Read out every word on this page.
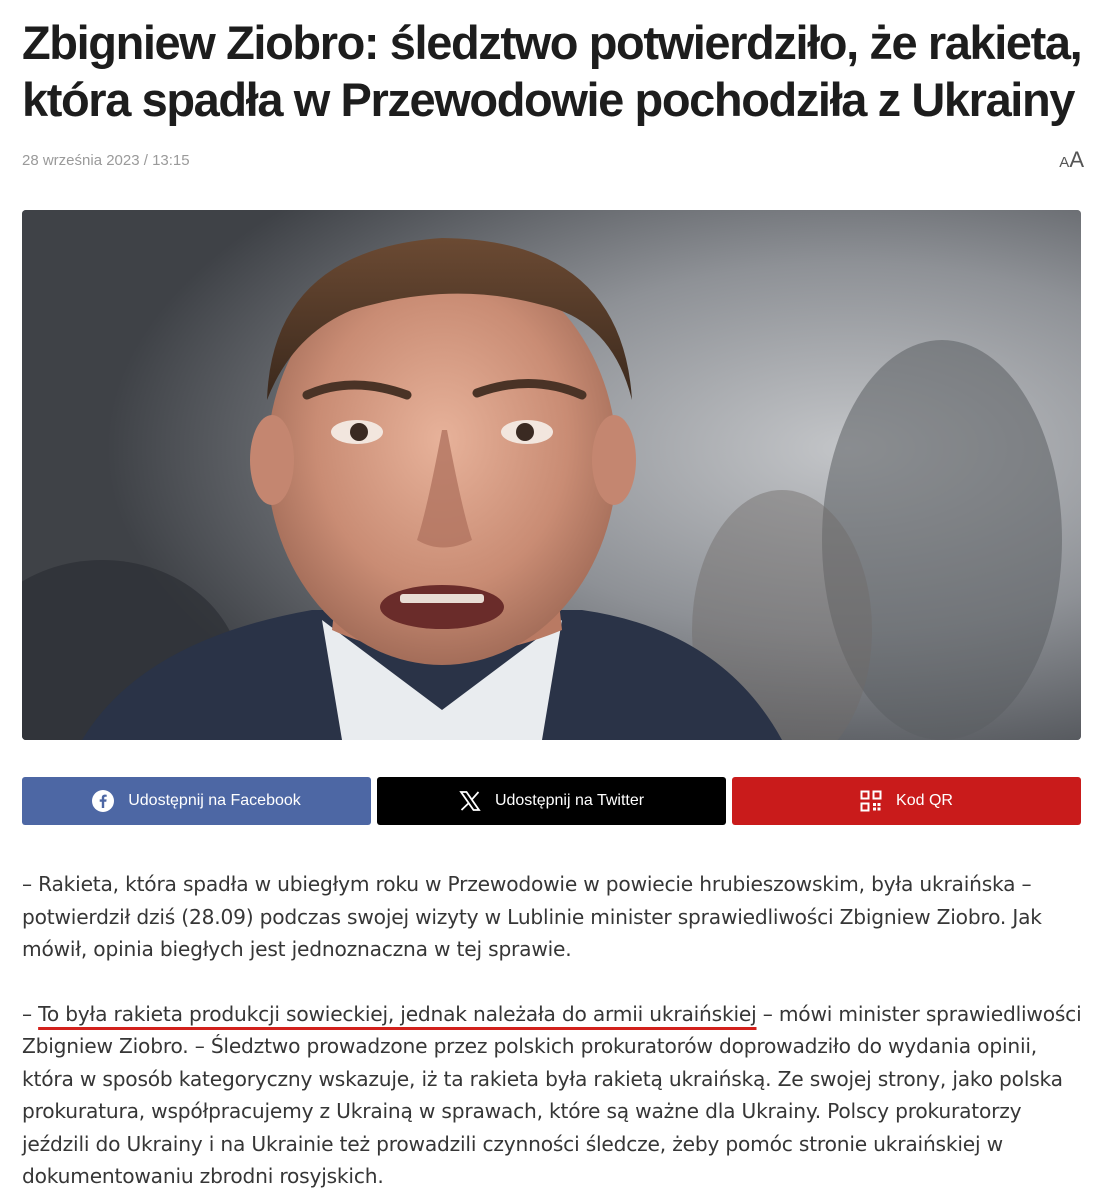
Zbigniew Ziobro: śledztwo potwierdziło, że rakieta, która spadła w Przewodowie pochodziła z Ukrainy
28 września 2023 / 13:15	A A
Udostępnij na Facebook	Udostępnij na Twitter	Kod QR

– Rakieta, która spadła w ubiegłym roku w Przewodowie w powiecie hrubieszowskim, była ukraińska – potwierdził dziś (28.09) podczas swojej wizyty w Lublinie minister sprawiedliwości Zbigniew Ziobro. Jak mówił, opinia biegłych jest jednoznaczna w tej sprawie.

– To była rakieta produkcji sowieckiej, jednak należała do armii ukraińskiej – mówi minister sprawiedliwości Zbigniew Ziobro. – Śledztwo prowadzone przez polskich prokuratorów doprowadziło do wydania opinii, która w sposób kategoryczny wskazuje, iż ta rakieta była rakietą ukraińską. Ze swojej strony, jako polska prokuratura, współpracujemy z Ukrainą w sprawach, które są ważne dla Ukrainy. Polscy prokuratorzy jeździli do Ukrainy i na Ukrainie też prowadzili czynności śledcze, żeby pomóc stronie ukraińskiej w dokumentowaniu zbrodni rosyjskich.
